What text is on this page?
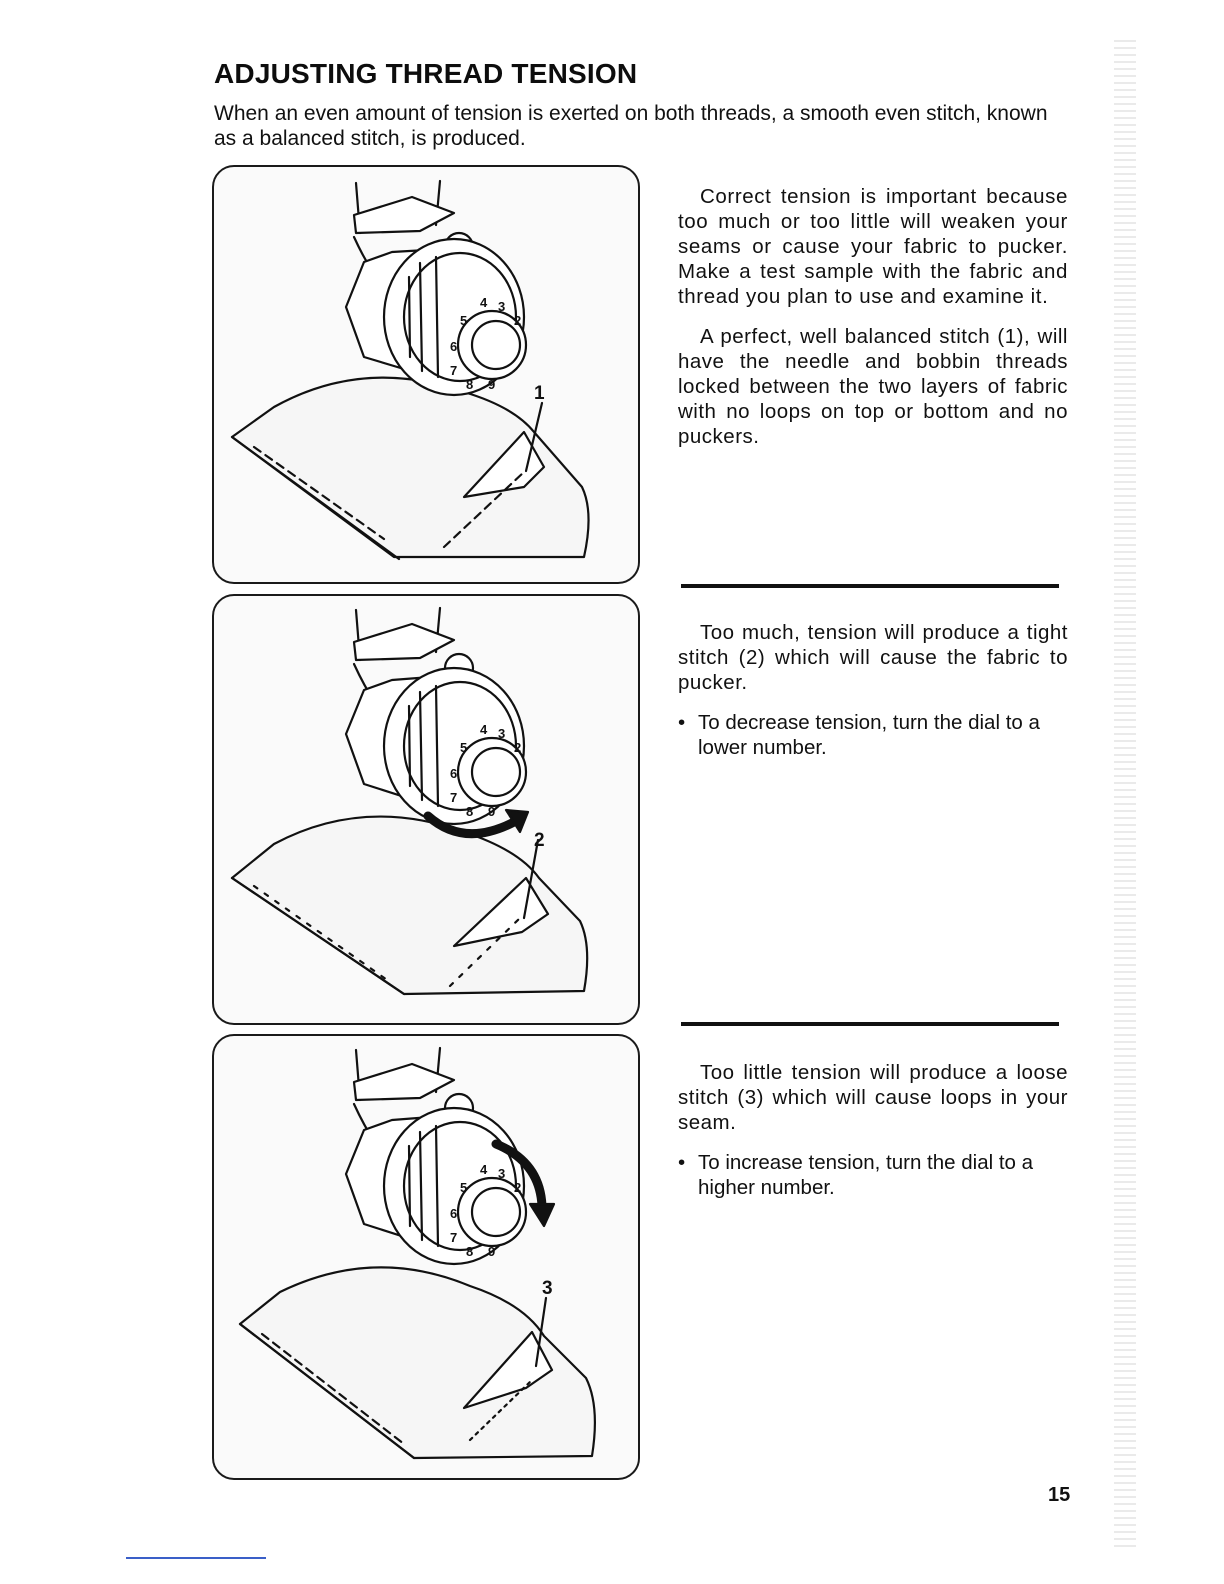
ADJUSTING THREAD TENSION
When an even amount of tension is exerted on both threads, a smooth even stitch, known as a balanced stitch, is produced.
4 3
2
5
6
7
8 9 1

Correct tension is important because too much or too little will weaken your seams or cause your fabric to pucker. Make a test sample with the fabric and thread you plan to use and examine it.

A perfect, well balanced stitch (1), will have the needle and bobbin threads locked between the two layers of fabric with no loops on top or bottom and no puckers.

4 3
2
5
6
7
8 9
2

Too much, tension will produce a tight stitch (2) which will cause the fabric to pucker.

• To decrease tension, turn the dial to a lower number.
4 3
2
5
6
7
8 9
3

Too little tension will produce a loose stitch (3) which will cause loops in your seam.

• To increase tension, turn the dial to a higher number.
15
